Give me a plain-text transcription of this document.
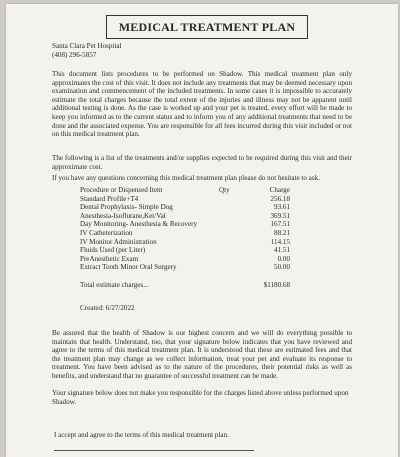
MEDICAL TREATMENT PLAN

Santa Clara Pet Hospital

(408) 296-5857

This document lists procedures to be performed on Shadow. This medical treatment plan only approximates the cost of this visit. It does not include any treatments that may be deemed necessary upon examination and commencement of the included treatments. In some cases it is impossible to accurately estimate the total charges because the total extent of the injuries and illness may not be apparent until additional testing is done. As the case is worked up and your pet is treated, every effort will be made to keep you informed as to the current status and to inform you of any additional treatments that need to be done and the associated expense. You are responsible for all fees incurred during this visit included or not on this medical treatment plan.

The following is a list of the treatments and/or supplies expected to be required during this visit and their approximate cost.

If you have any questions concerning this medical treatment plan please do not hesitate to ask.

Procedure or Dispensed Item	Qty	Charge
Standard Profile+T4	256.18
Dental Prophylaxis- Simple Dog	93.61
Anesthesia-Isoflurane,Ket/Val	369.51
Day Monitoring- Anesthesia & Recovery	167.51
IV Catheterization	88.21
IV Monitor Administration	114.15
Fluids Used (per Liter)	41.51
PreAnesthetic Exam	0.00
Extract Tooth Minor Oral Surgery	50.00
Total estimate charges...	$1180.68

Created: 6/27/2022

Be assured that the health of Shadow is our highest concern and we will do everything possible to maintain that health. Understand, too, that your signature below indicates that you have reviewed and agree to the terms of this medical treatment plan. It is understood that these are estimated fees and that the treatment plan may change as we collect information, treat your pet and evaluate its response to treatment. You have been advised as to the nature of the procedures, their potential risks as well as benefits, and understand that no guarantee of successful treatment can be made.

Your signature below does not make you responsible for the charges listed above unless performed upon Shadow.

I accept and agree to the terms of this medical treatment plan.
